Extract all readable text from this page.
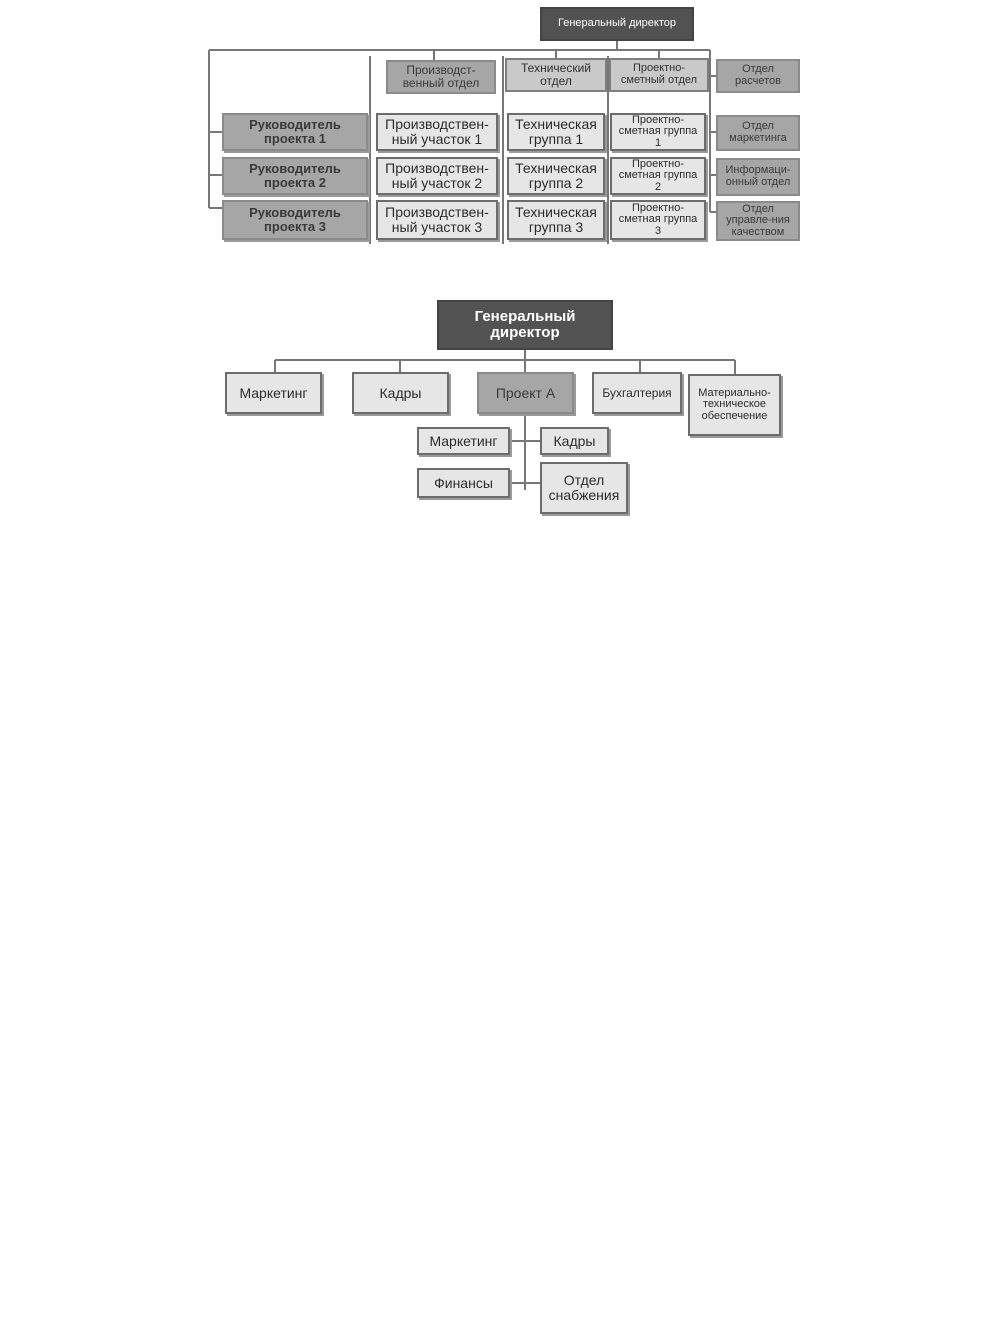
Генеральный директор
Производст-венный отдел
Технический отдел
Проектно-сметный отдел
Отдел расчетов
Руководитель проекта 1
Руководитель проекта 2
Руководитель проекта 3
Производствен-ный участок 1
Производствен-ный участок 2
Производствен-ный участок 3
Техническая группа 1
Техническая группа 2
Техническая группа 3
Проектно-сметная группа 1
Проектно-сметная группа 2
Проектно-сметная группа 3
Отдел маркетинга
Информаци-онный отдел
Отдел управле-ния качеством
Генеральный директор
Маркетинг	Кадры	Проект А	Бухгалтерия	Материально-техническое обеспечение
Маркетинг	Кадры
Финансы	Отдел снабжения
